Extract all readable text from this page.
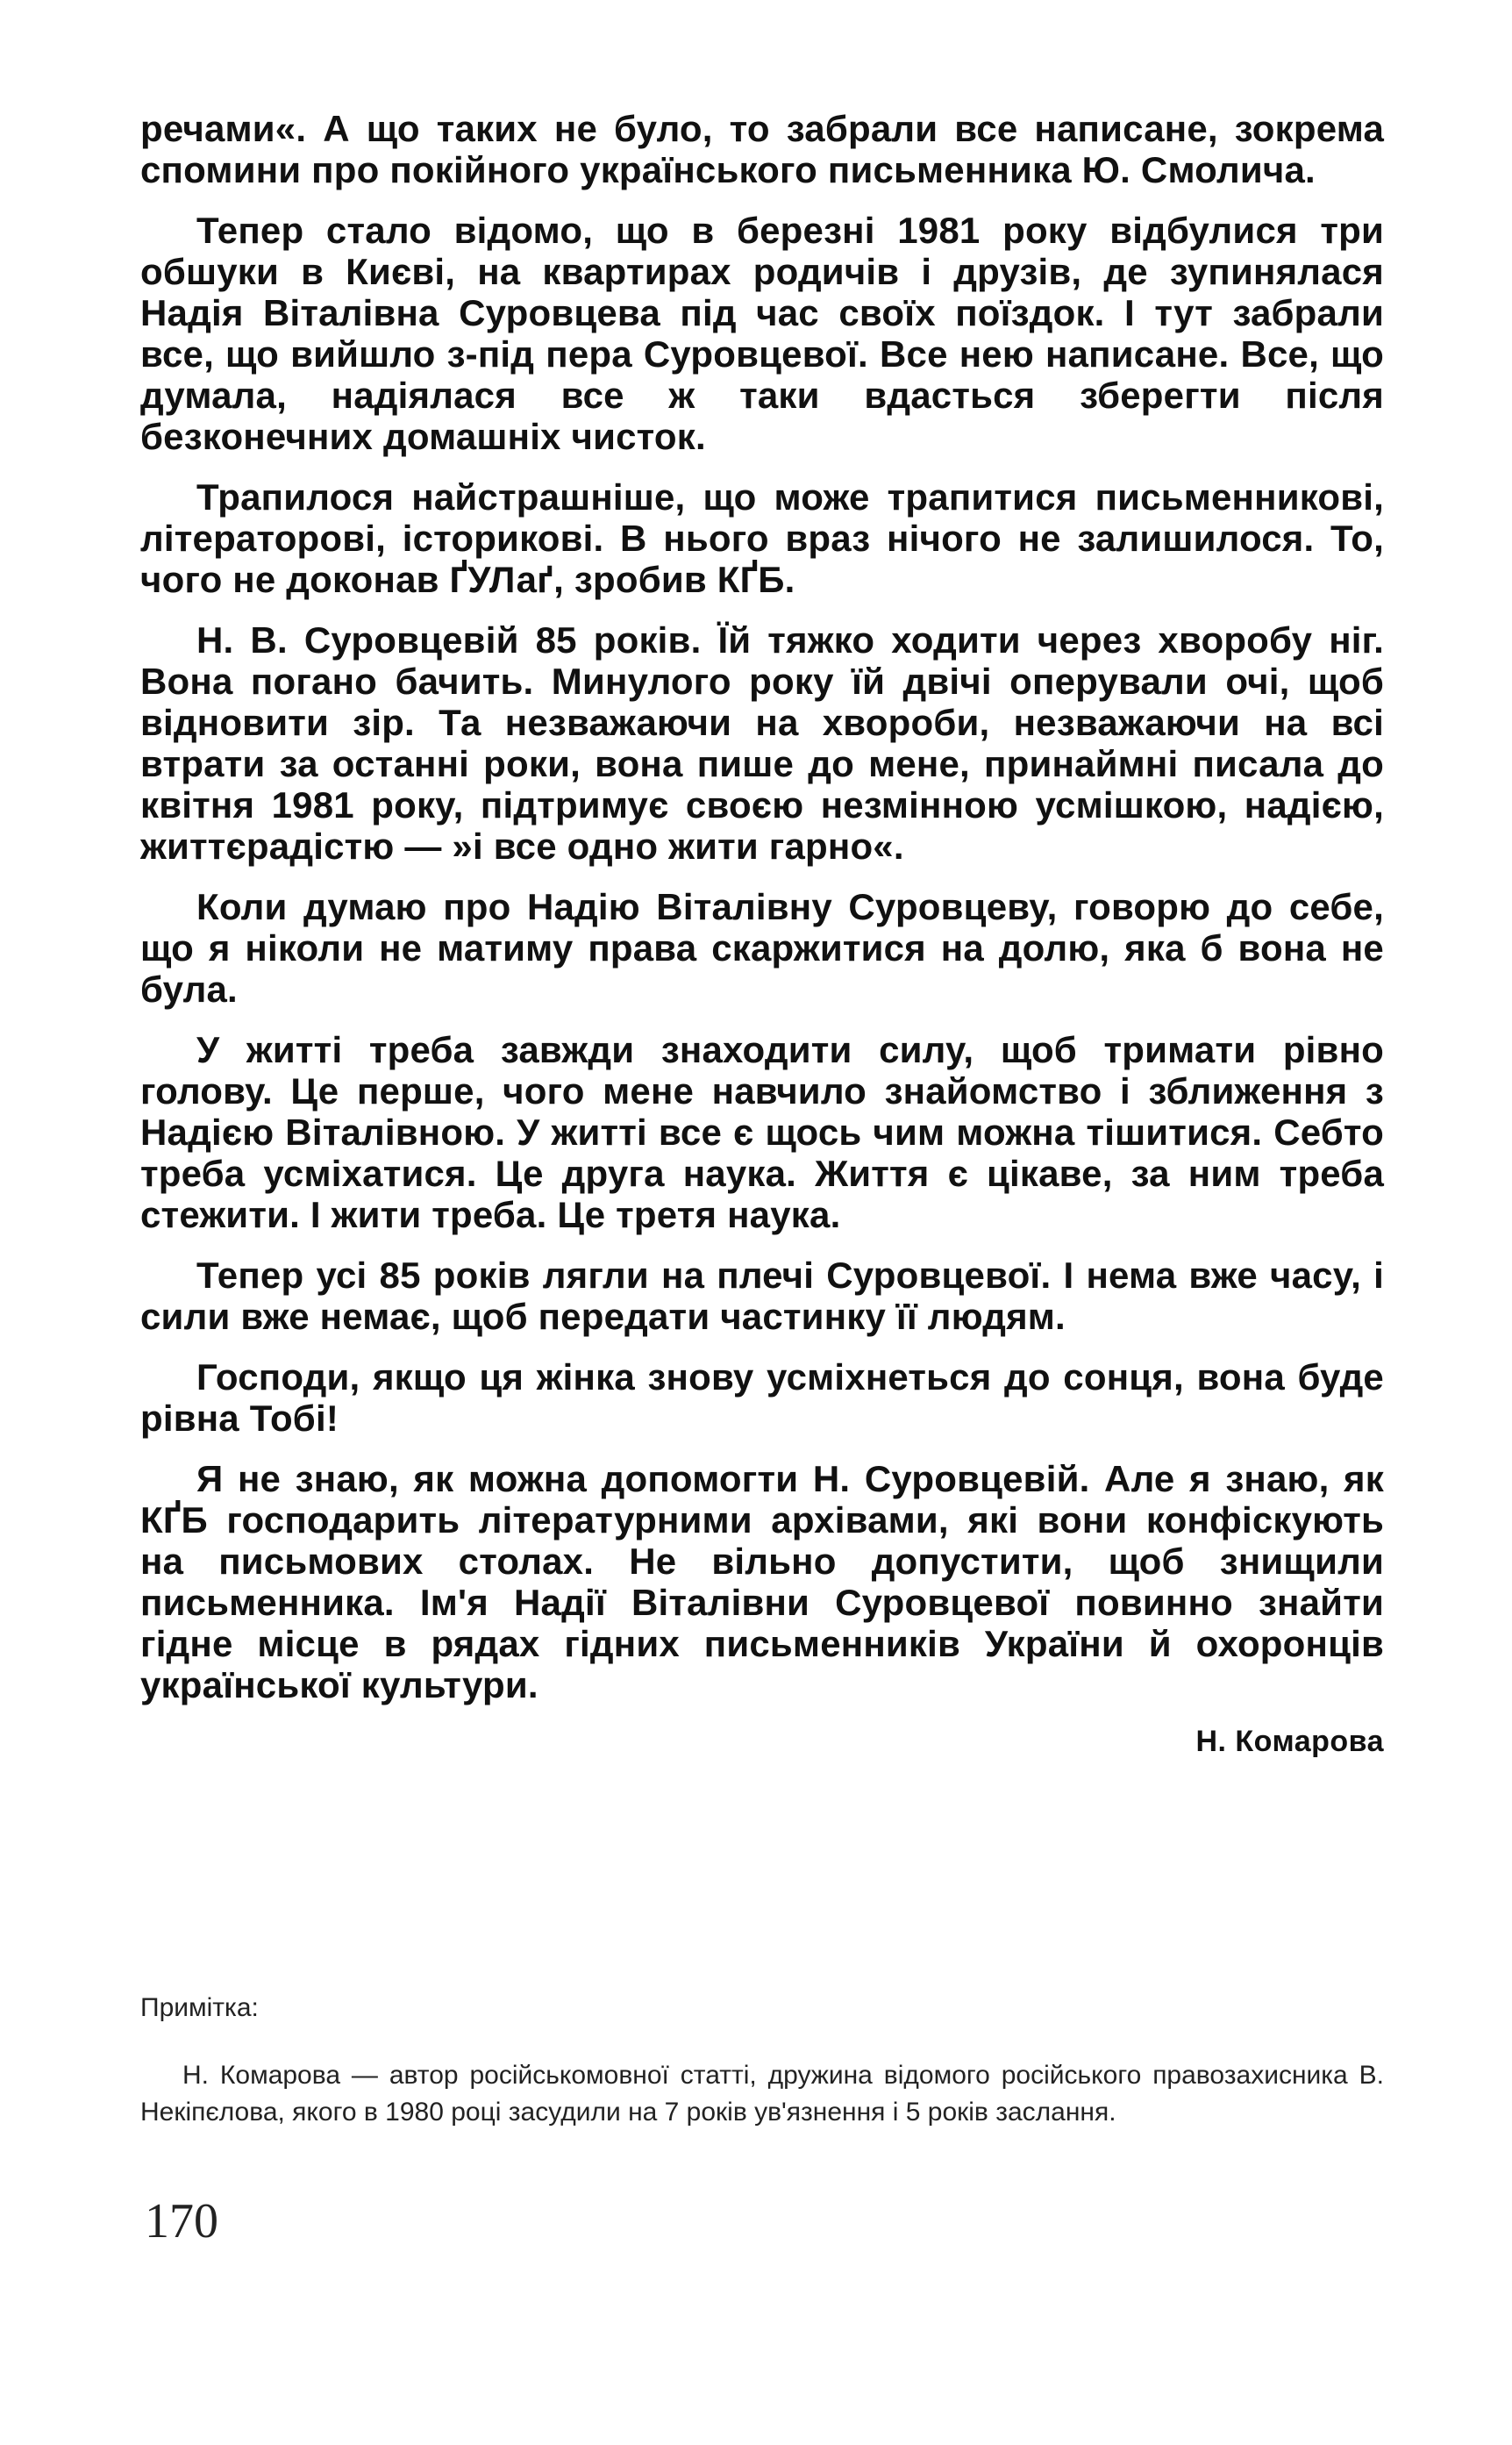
речами«. А що таких не було, то забрали все написане, зокрема спомини про покійного українського письменника Ю. Смолича.

Тепер стало відомо, що в березні 1981 року відбулися три обшуки в Києві, на квартирах родичів і друзів, де зупинялася Надія Віталівна Суровцева під час своїх поїздок. І тут забрали все, що вийшло з-під пера Суровцевої. Все нею написане. Все, що думала, надіялася все ж таки вдасться зберегти після безконечних домашніх чисток.

Трапилося найстрашніше, що може трапитися письменникові, літераторові, історикові. В нього враз нічого не залишилося. То, чого не доконав ҐУЛаґ, зробив КҐБ.

Н. В. Суровцевій 85 років. Їй тяжко ходити через хворобу ніг. Вона погано бачить. Минулого року їй двічі оперували очі, щоб відновити зір. Та незважаючи на хвороби, незважаючи на всі втрати за останні роки, вона пише до мене, принаймні писала до квітня 1981 року, підтримує своєю незмінною усмішкою, надією, життєрадістю — »і все одно жити гарно«.

Коли думаю про Надію Віталівну Суровцеву, говорю до себе, що я ніколи не матиму права скаржитися на долю, яка б вона не була.

У житті треба завжди знаходити силу, щоб тримати рівно голову. Це перше, чого мене навчило знайомство і зближення з Надією Віталівною. У житті все є щось чим можна тішитися. Себто треба усміхатися. Це друга наука. Життя є цікаве, за ним треба стежити. І жити треба. Це третя наука.

Тепер усі 85 років лягли на плечі Суровцевої. І нема вже часу, і сили вже немає, щоб передати частинку її людям.

Господи, якщо ця жінка знову усміхнеться до сонця, вона буде рівна Тобі!

Я не знаю, як можна допомогти Н. Суровцевій. Але я знаю, як КҐБ господарить літературними архівами, які вони конфіскують на письмових столах. Не вільно допустити, щоб знищили письменника. Ім'я Надії Віталівни Суровцевої повинно знайти гідне місце в рядах гідних письменників України й охоронців української культури.

Н. Комарова
Примітка:

Н. Комарова — автор російськомовної статті, дружина відомого російського правозахисника В. Некіпєлова, якого в 1980 році засудили на 7 років ув'язнення і 5 років заслання.

170
